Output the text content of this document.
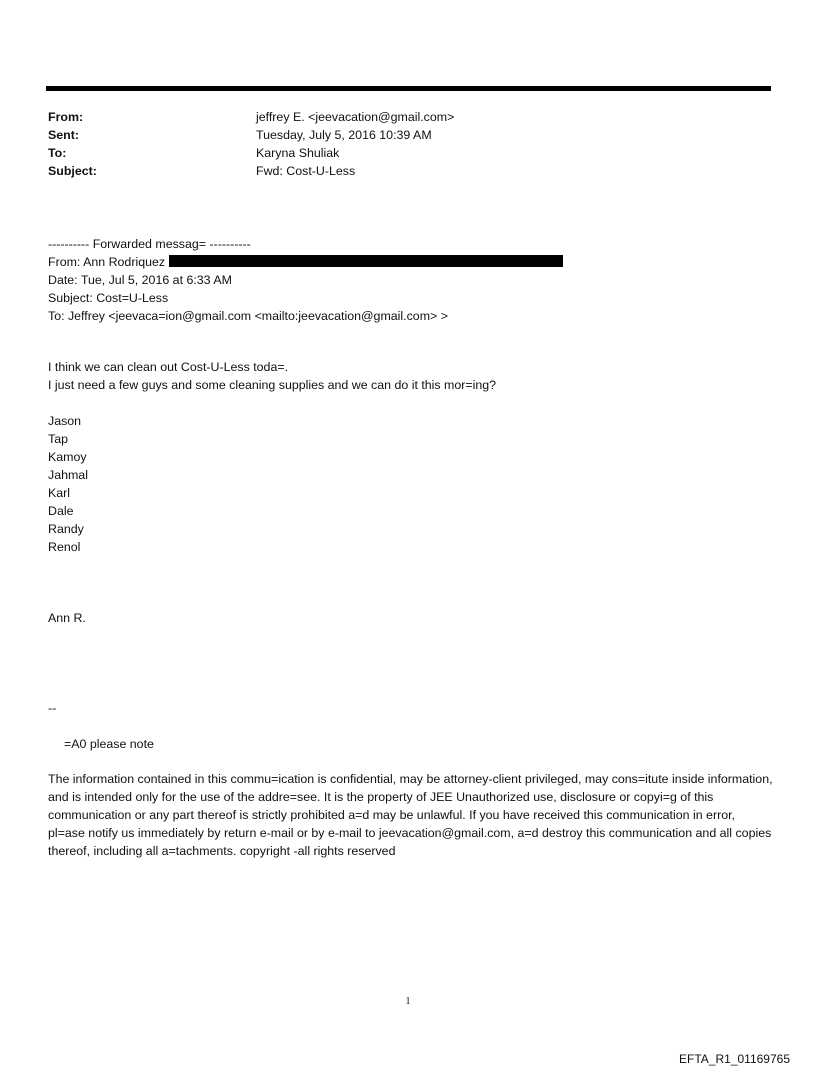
From:	jeffrey E. <jeevacation@gmail.com>
Sent:	Tuesday, July 5, 2016 10:39 AM
To:	Karyna Shuliak
Subject:	Fwd: Cost-U-Less
---------- Forwarded messag= ----------
From: Ann Rodriquez
Date: Tue, Jul 5, 2016 at 6:33 AM
Subject: Cost=U-Less
To: Jeffrey <jeevaca=ion@gmail.com <mailto:jeevacation@gmail.com> >
I think we can clean out Cost-U-Less toda=.
I just need a few guys and some cleaning supplies and we can do it this mor=ing?
Jason
Tap
Kamoy
Jahmal
Karl
Dale
Randy
Renol
Ann R.
--
=A0 please note
The information contained in this commu=ication is confidential, may be attorney-client privileged, may cons=itute inside information, and is intended only for the use of the addre=see. It is the property of JEE Unauthorized use, disclosure or copyi=g of this communication or any part thereof is strictly prohibited a=d may be unlawful. If you have received this communication in error, pl=ase notify us immediately by return e-mail or by e-mail to jeevacation@gmail.com, a=d destroy this communication and all copies thereof, including all a=tachments. copyright -all rights reserved
1
EFTA_R1_01169765
